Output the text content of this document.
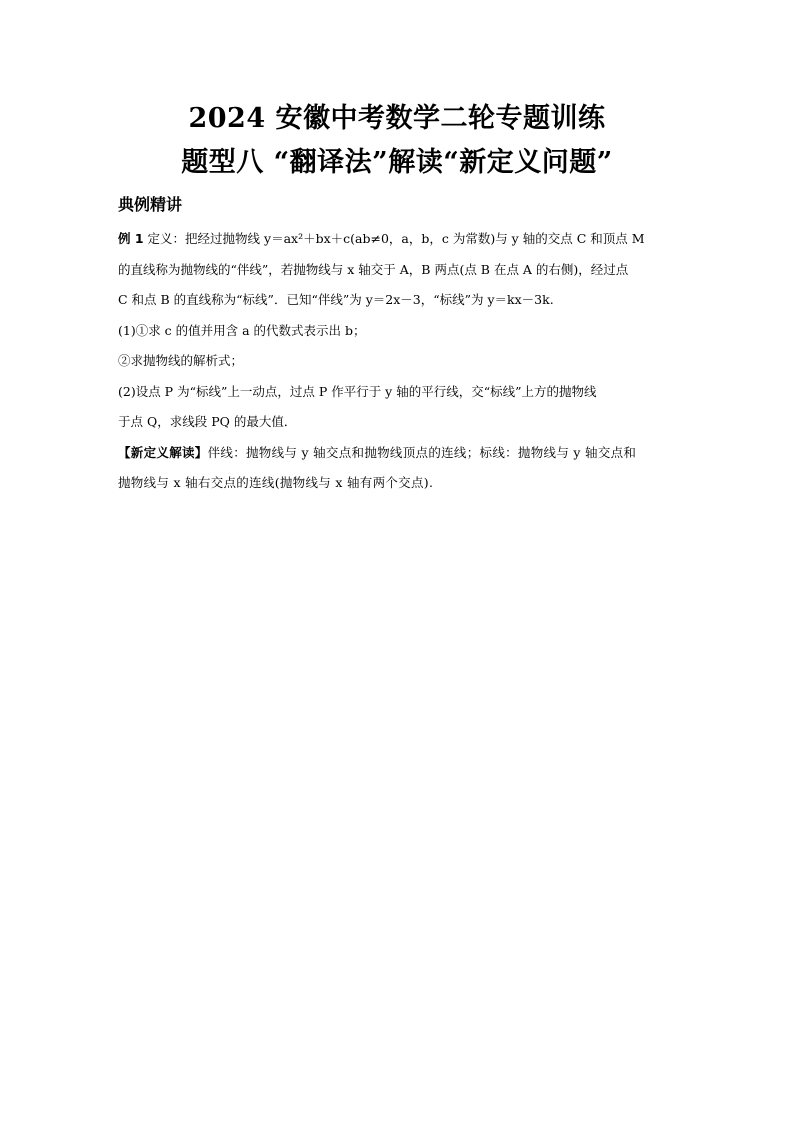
2024 安徽中考数学二轮专题训练
题型八 “翻译法”解读“新定义问题”
典例精讲

例 1 定义：把经过抛物线 y＝ax²＋bx＋c(ab≠0，a，b，c 为常数)与 y 轴的交点 C 和顶点 M

的直线称为抛物线的“伴线”，若抛物线与 x 轴交于 A，B 两点(点 B 在点 A 的右侧)，经过点

C 和点 B 的直线称为“标线”．已知“伴线”为 y＝2x－3，“标线”为 y＝kx－3k.

(1)①求 c 的值并用含 a 的代数式表示出 b；

②求抛物线的解析式；

(2)设点 P 为“标线”上一动点，过点 P 作平行于 y 轴的平行线，交“标线”上方的抛物线

于点 Q，求线段 PQ 的最大值．

【新定义解读】伴线：抛物线与 y 轴交点和抛物线顶点的连线；标线：抛物线与 y 轴交点和

抛物线与 x 轴右交点的连线(抛物线与 x 轴有两个交点).
